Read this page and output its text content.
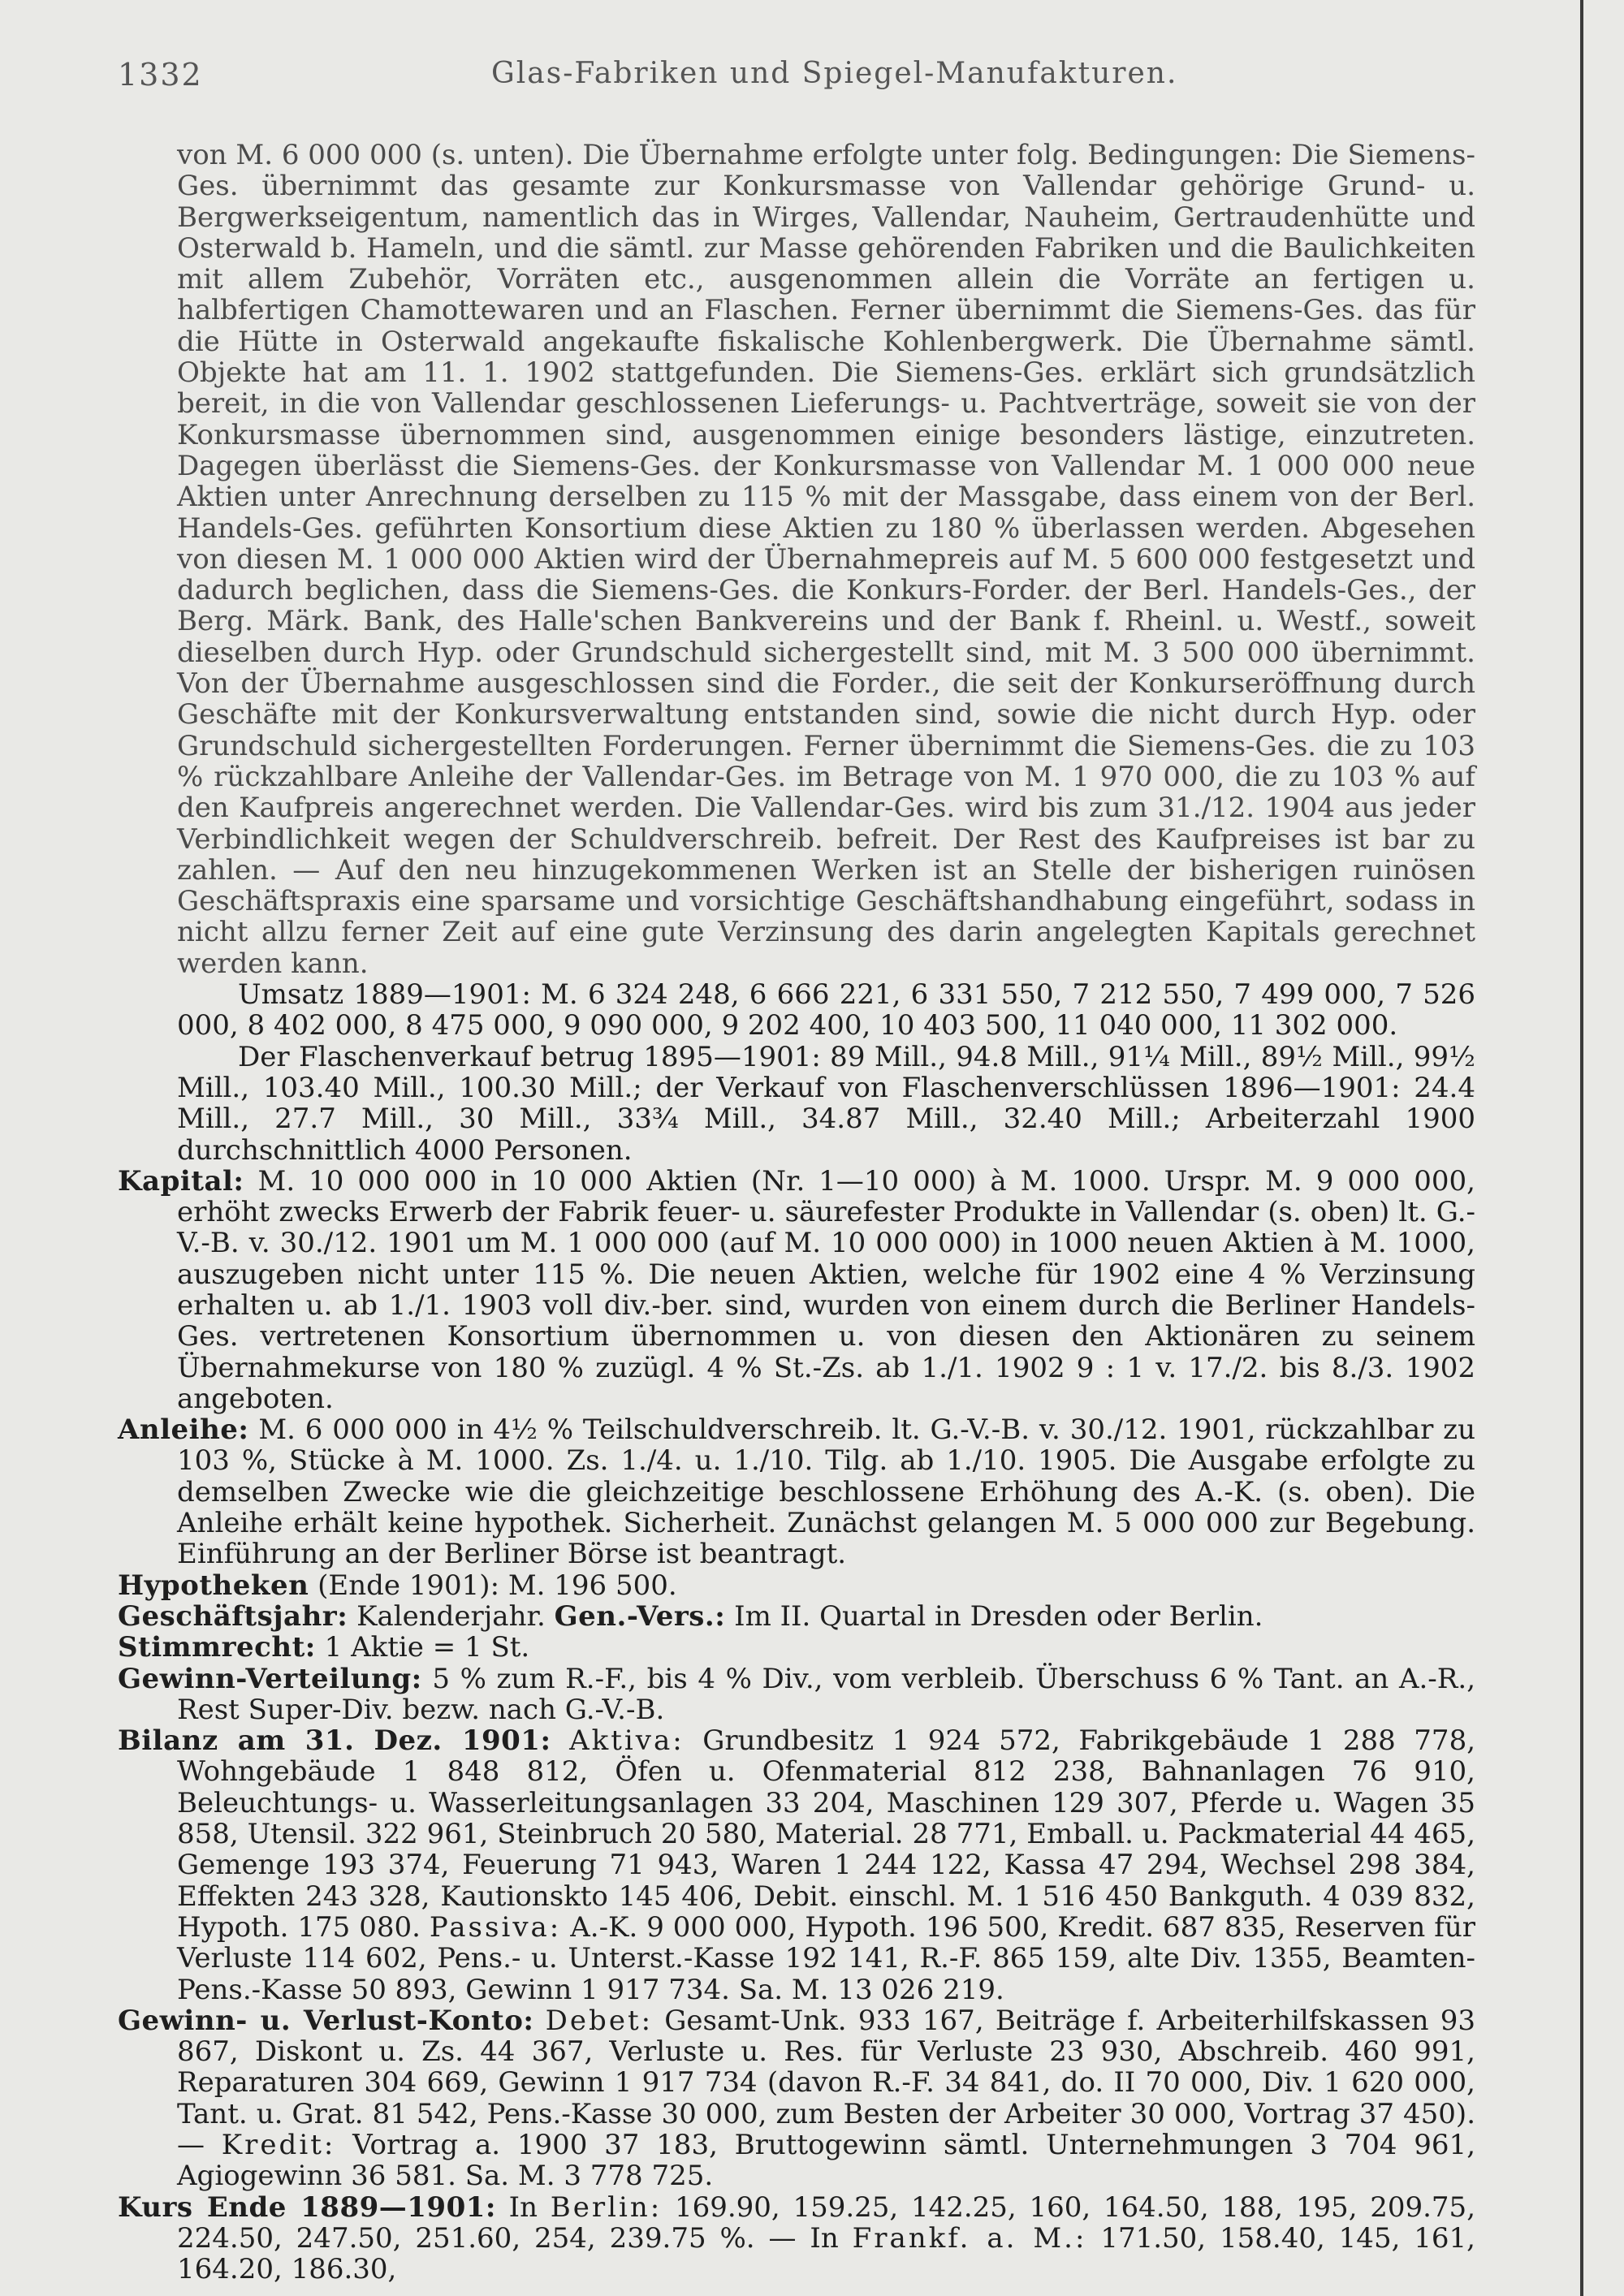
1332	Glas-Fabriken und Spiegel-Manufakturen.

von M. 6 000 000 (s. unten). Die Übernahme erfolgte unter folg. Bedingungen: Die Siemens-Ges. übernimmt das gesamte zur Konkursmasse von Vallendar gehörige Grund- u. Bergwerkseigentum, namentlich das in Wirges, Vallendar, Nauheim, Gertraudenhütte und Osterwald b. Hameln, und die sämtl. zur Masse gehörenden Fabriken und die Baulichkeiten mit allem Zubehör, Vorräten etc., ausgenommen allein die Vorräte an fertigen u. halbfertigen Chamottewaren und an Flaschen. Ferner übernimmt die Siemens-Ges. das für die Hütte in Osterwald angekaufte fiskalische Kohlenbergwerk. Die Übernahme sämtl. Objekte hat am 11. 1. 1902 stattgefunden. Die Siemens-Ges. erklärt sich grundsätzlich bereit, in die von Vallendar geschlossenen Lieferungs- u. Pachtverträge, soweit sie von der Konkursmasse übernommen sind, ausgenommen einige besonders lästige, einzutreten. Dagegen überlässt die Siemens-Ges. der Konkursmasse von Vallendar M. 1 000 000 neue Aktien unter Anrechnung derselben zu 115 % mit der Massgabe, dass einem von der Berl. Handels-Ges. geführten Konsortium diese Aktien zu 180 % überlassen werden. Abgesehen von diesen M. 1 000 000 Aktien wird der Übernahmepreis auf M. 5 600 000 festgesetzt und dadurch beglichen, dass die Siemens-Ges. die Konkurs-Forder. der Berl. Handels-Ges., der Berg. Märk. Bank, des Halle'schen Bankvereins und der Bank f. Rheinl. u. Westf., soweit dieselben durch Hyp. oder Grundschuld sichergestellt sind, mit M. 3 500 000 übernimmt. Von der Übernahme ausgeschlossen sind die Forder., die seit der Konkurseröffnung durch Geschäfte mit der Konkursverwaltung entstanden sind, sowie die nicht durch Hyp. oder Grundschuld sichergestellten Forderungen. Ferner übernimmt die Siemens-Ges. die zu 103 % rückzahlbare Anleihe der Vallendar-Ges. im Betrage von M. 1 970 000, die zu 103 % auf den Kaufpreis angerechnet werden. Die Vallendar-Ges. wird bis zum 31./12. 1904 aus jeder Verbindlichkeit wegen der Schuldverschreib. befreit. Der Rest des Kaufpreises ist bar zu zahlen. — Auf den neu hinzugekommenen Werken ist an Stelle der bisherigen ruinösen Geschäftspraxis eine sparsame und vorsichtige Geschäftshandhabung eingeführt, sodass in nicht allzu ferner Zeit auf eine gute Verzinsung des darin angelegten Kapitals gerechnet werden kann.

Umsatz 1889—1901: M. 6 324 248, 6 666 221, 6 331 550, 7 212 550, 7 499 000, 7 526 000, 8 402 000, 8 475 000, 9 090 000, 9 202 400, 10 403 500, 11 040 000, 11 302 000.

Der Flaschenverkauf betrug 1895—1901: 89 Mill., 94.8 Mill., 91¼ Mill., 89½ Mill., 99½ Mill., 103.40 Mill., 100.30 Mill.; der Verkauf von Flaschenverschlüssen 1896—1901: 24.4 Mill., 27.7 Mill., 30 Mill., 33¾ Mill., 34.87 Mill., 32.40 Mill.; Arbeiterzahl 1900 durchschnittlich 4000 Personen.

Kapital: M. 10 000 000 in 10 000 Aktien (Nr. 1—10 000) à M. 1000. Urspr. M. 9 000 000, erhöht zwecks Erwerb der Fabrik feuer- u. säurefester Produkte in Vallendar (s. oben) lt. G.-V.-B. v. 30./12. 1901 um M. 1 000 000 (auf M. 10 000 000) in 1000 neuen Aktien à M. 1000, auszugeben nicht unter 115 %. Die neuen Aktien, welche für 1902 eine 4 % Verzinsung erhalten u. ab 1./1. 1903 voll div.-ber. sind, wurden von einem durch die Berliner Handels-Ges. vertretenen Konsortium übernommen u. von diesen den Aktionären zu seinem Übernahmekurse von 180 % zuzügl. 4 % St.-Zs. ab 1./1. 1902 9 : 1 v. 17./2. bis 8./3. 1902 angeboten.

Anleihe: M. 6 000 000 in 4½ % Teilschuldverschreib. lt. G.-V.-B. v. 30./12. 1901, rückzahlbar zu 103 %, Stücke à M. 1000. Zs. 1./4. u. 1./10. Tilg. ab 1./10. 1905. Die Ausgabe erfolgte zu demselben Zwecke wie die gleichzeitige beschlossene Erhöhung des A.-K. (s. oben). Die Anleihe erhält keine hypothek. Sicherheit. Zunächst gelangen M. 5 000 000 zur Begebung. Einführung an der Berliner Börse ist beantragt.

Hypotheken (Ende 1901): M. 196 500.

Geschäftsjahr: Kalenderjahr. Gen.-Vers.: Im II. Quartal in Dresden oder Berlin.

Stimmrecht: 1 Aktie = 1 St.

Gewinn-Verteilung: 5 % zum R.-F., bis 4 % Div., vom verbleib. Überschuss 6 % Tant. an A.-R., Rest Super-Div. bezw. nach G.-V.-B.

Bilanz am 31. Dez. 1901: Aktiva: Grundbesitz 1 924 572, Fabrikgebäude 1 288 778, Wohngebäude 1 848 812, Öfen u. Ofenmaterial 812 238, Bahnanlagen 76 910, Beleuchtungs- u. Wasserleitungsanlagen 33 204, Maschinen 129 307, Pferde u. Wagen 35 858, Utensil. 322 961, Steinbruch 20 580, Material. 28 771, Emball. u. Packmaterial 44 465, Gemenge 193 374, Feuerung 71 943, Waren 1 244 122, Kassa 47 294, Wechsel 298 384, Effekten 243 328, Kautionskto 145 406, Debit. einschl. M. 1 516 450 Bankguth. 4 039 832, Hypoth. 175 080. Passiva: A.-K. 9 000 000, Hypoth. 196 500, Kredit. 687 835, Reserven für Verluste 114 602, Pens.- u. Unterst.-Kasse 192 141, R.-F. 865 159, alte Div. 1355, Beamten-Pens.-Kasse 50 893, Gewinn 1 917 734. Sa. M. 13 026 219.

Gewinn- u. Verlust-Konto: Debet: Gesamt-Unk. 933 167, Beiträge f. Arbeiterhilfskassen 93 867, Diskont u. Zs. 44 367, Verluste u. Res. für Verluste 23 930, Abschreib. 460 991, Reparaturen 304 669, Gewinn 1 917 734 (davon R.-F. 34 841, do. II 70 000, Div. 1 620 000, Tant. u. Grat. 81 542, Pens.-Kasse 30 000, zum Besten der Arbeiter 30 000, Vortrag 37 450). — Kredit: Vortrag a. 1900 37 183, Bruttogewinn sämtl. Unternehmungen 3 704 961, Agiogewinn 36 581. Sa. M. 3 778 725.

Kurs Ende 1889—1901: In Berlin: 169.90, 159.25, 142.25, 160, 164.50, 188, 195, 209.75, 224.50, 247.50, 251.60, 254, 239.75 %. — In Frankf. a. M.: 171.50, 158.40, 145, 161, 164.20, 186.30,
